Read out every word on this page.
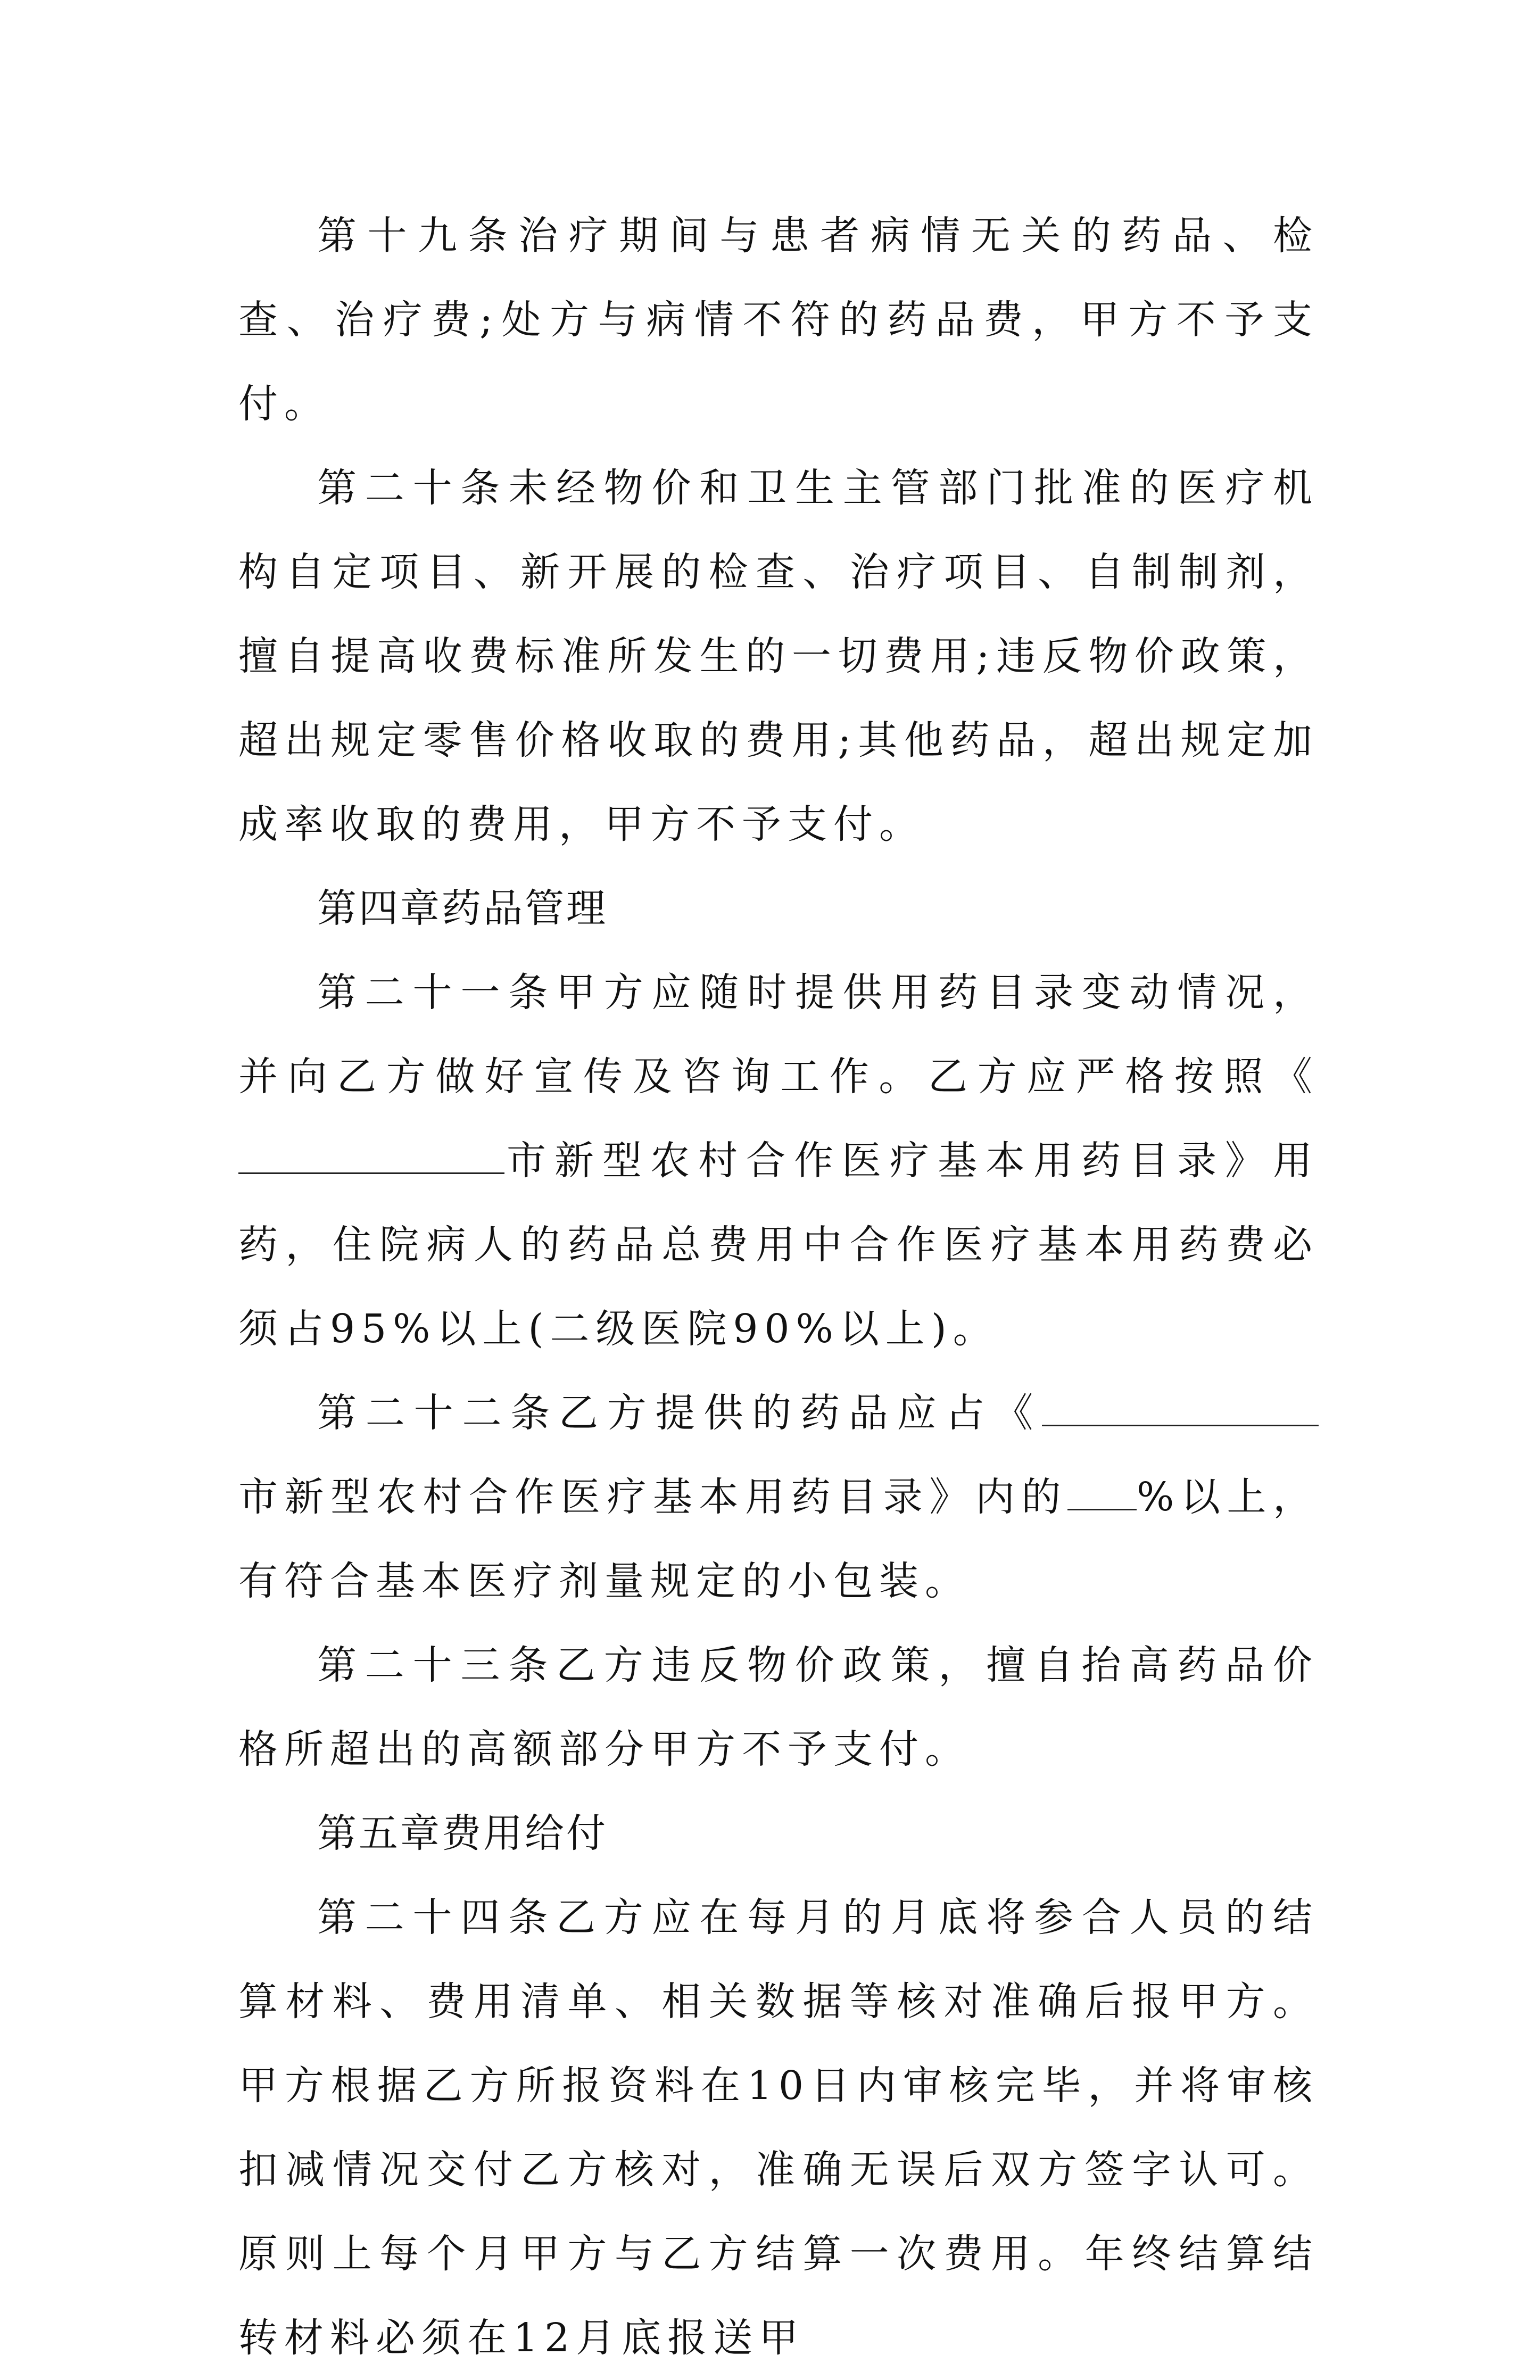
第十九条治疗期间与患者病情无关的药品、检查、治疗费;处方与病情不符的药品费，甲方不予支付。

第二十条未经物价和卫生主管部门批准的医疗机构自定项目、新开展的检查、治疗项目、自制制剂，擅自提高收费标准所发生的一切费用;违反物价政策，超出规定零售价格收取的费用;其他药品，超出规定加成率收取的费用，甲方不予支付。

第四章药品管理

第二十一条甲方应随时提供用药目录变动情况，并向乙方做好宣传及咨询工作。乙方应严格按照《市新型农村合作医疗基本用药目录》用药，住院病人的药品总费用中合作医疗基本用药费必须占95%以上(二级医院90%以上)。

第二十二条乙方提供的药品应占《市新型农村合作医疗基本用药目录》内的 %以上，有符合基本医疗剂量规定的小包装。

第二十三条乙方违反物价政策，擅自抬高药品价格所超出的高额部分甲方不予支付。

第五章费用给付

第二十四条乙方应在每月的月底将参合人员的结算材料、费用清单、相关数据等核对准确后报甲方。甲方根据乙方所报资料在10日内审核完毕，并将审核扣减情况交付乙方核对，准确无误后双方签字认可。原则上每个月甲方与乙方结算一次费用。年终结算结转材料必须在12月底报送甲
